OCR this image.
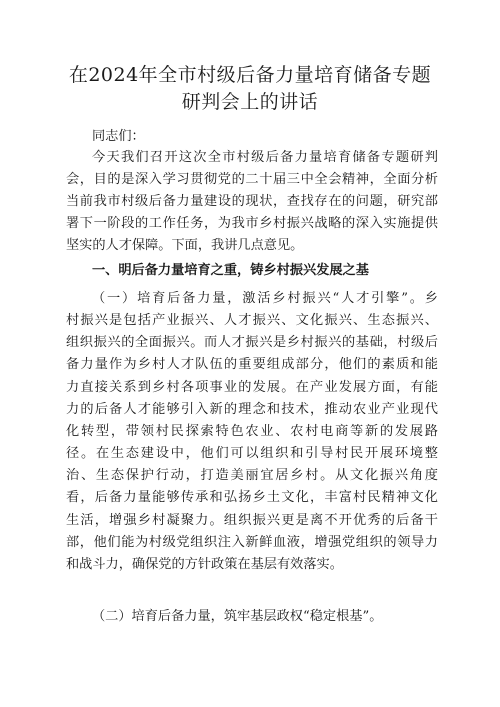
在2024年全市村级后备力量培育储备专题
研判会上的讲话
同志们：
今天我们召开这次全市村级后备力量培育储备专题研判
会，目的是深入学习贯彻党的二十届三中全会精神，全面分析
当前我市村级后备力量建设的现状，查找存在的问题，研究部
署下一阶段的工作任务，为我市乡村振兴战略的深入实施提供
坚实的人才保障。下面，我讲几点意见。
一、明后备力量培育之重，铸乡村振兴发展之基
（一）培育后备力量，激活乡村振兴“人才引擎”。乡
村振兴是包括产业振兴、人才振兴、文化振兴、生态振兴、
组织振兴的全面振兴。而人才振兴是乡村振兴的基础，村级后
备力量作为乡村人才队伍的重要组成部分，他们的素质和能
力直接关系到乡村各项事业的发展。在产业发展方面，有能
力的后备人才能够引入新的理念和技术，推动农业产业现代
化转型，带领村民探索特色农业、农村电商等新的发展路
径。在生态建设中，他们可以组织和引导村民开展环境整
治、生态保护行动，打造美丽宜居乡村。从文化振兴角度
看，后备力量能够传承和弘扬乡土文化，丰富村民精神文化
生活，增强乡村凝聚力。组织振兴更是离不开优秀的后备干
部，他们能为村级党组织注入新鲜血液，增强党组织的领导力
和战斗力，确保党的方针政策在基层有效落实。
（二）培育后备力量，筑牢基层政权“稳定根基”。
